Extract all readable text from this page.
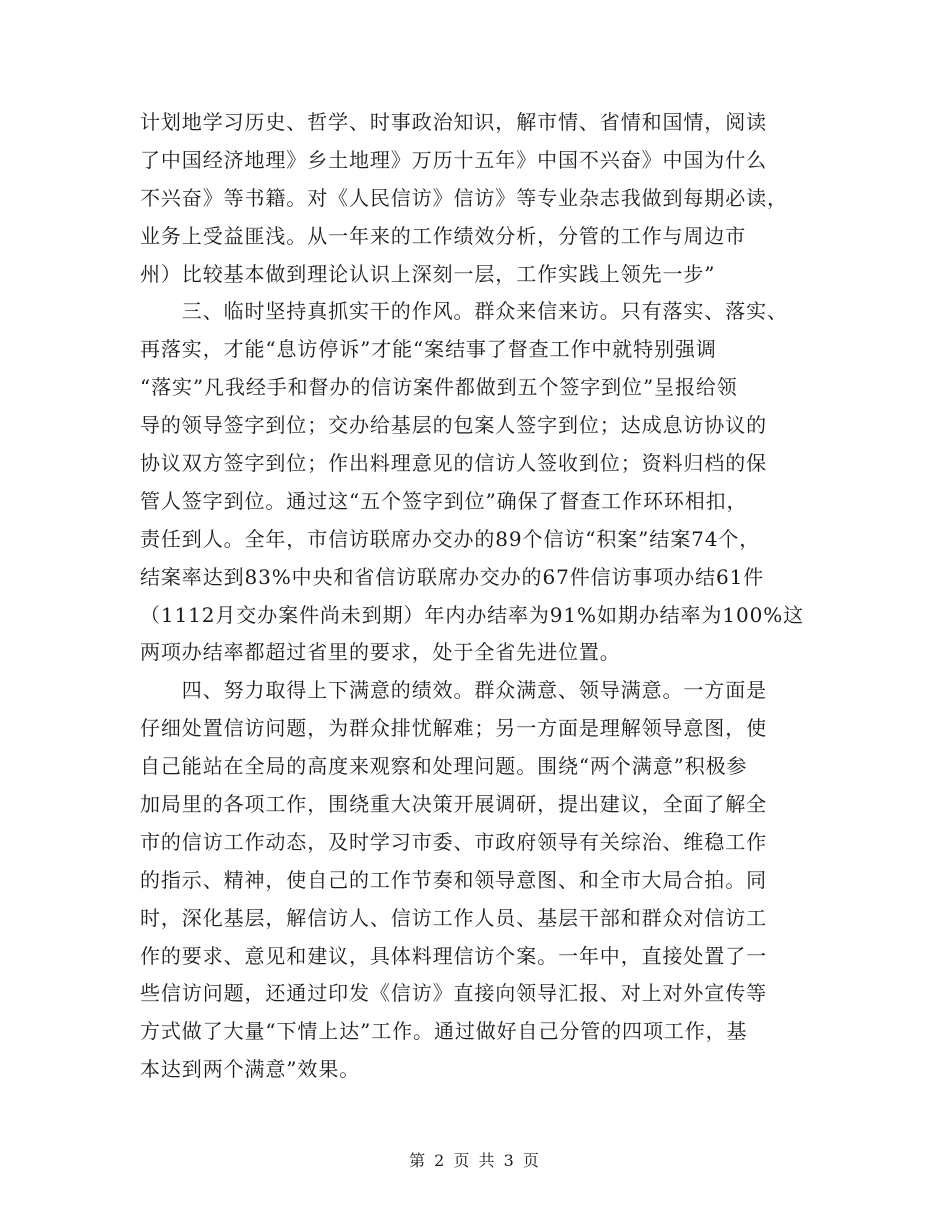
计划地学习历史、哲学、时事政治知识，解市情、省情和国情，阅读
了中国经济地理》乡土地理》万历十五年》中国不兴奋》中国为什么
不兴奋》等书籍。对《人民信访》信访》等专业杂志我做到每期必读，
业务上受益匪浅。从一年来的工作绩效分析，分管的工作与周边市
州）比较基本做到理论认识上深刻一层，工作实践上领先一步”
　　三、临时坚持真抓实干的作风。群众来信来访。只有落实、落实、
再落实，才能“息访停诉”才能“案结事了督查工作中就特别强调
“落实”凡我经手和督办的信访案件都做到五个签字到位”呈报给领
导的领导签字到位；交办给基层的包案人签字到位；达成息访协议的
协议双方签字到位；作出料理意见的信访人签收到位；资料归档的保
管人签字到位。通过这“五个签字到位”确保了督查工作环环相扣，
责任到人。全年，市信访联席办交办的89个信访“积案”结案74个，
结案率达到83%中央和省信访联席办交办的67件信访事项办结61件
（1112月交办案件尚未到期）年内办结率为91%如期办结率为100%这
两项办结率都超过省里的要求，处于全省先进位置。
　　四、努力取得上下满意的绩效。群众满意、领导满意。一方面是
仔细处置信访问题，为群众排忧解难；另一方面是理解领导意图，使
自己能站在全局的高度来观察和处理问题。围绕“两个满意”积极参
加局里的各项工作，围绕重大决策开展调研，提出建议，全面了解全
市的信访工作动态，及时学习市委、市政府领导有关综治、维稳工作
的指示、精神，使自己的工作节奏和领导意图、和全市大局合拍。同
时，深化基层，解信访人、信访工作人员、基层干部和群众对信访工
作的要求、意见和建议，具体料理信访个案。一年中，直接处置了一
些信访问题，还通过印发《信访》直接向领导汇报、对上对外宣传等
方式做了大量“下情上达”工作。通过做好自己分管的四项工作，基
本达到两个满意”效果。
第 2 页 共 3 页
